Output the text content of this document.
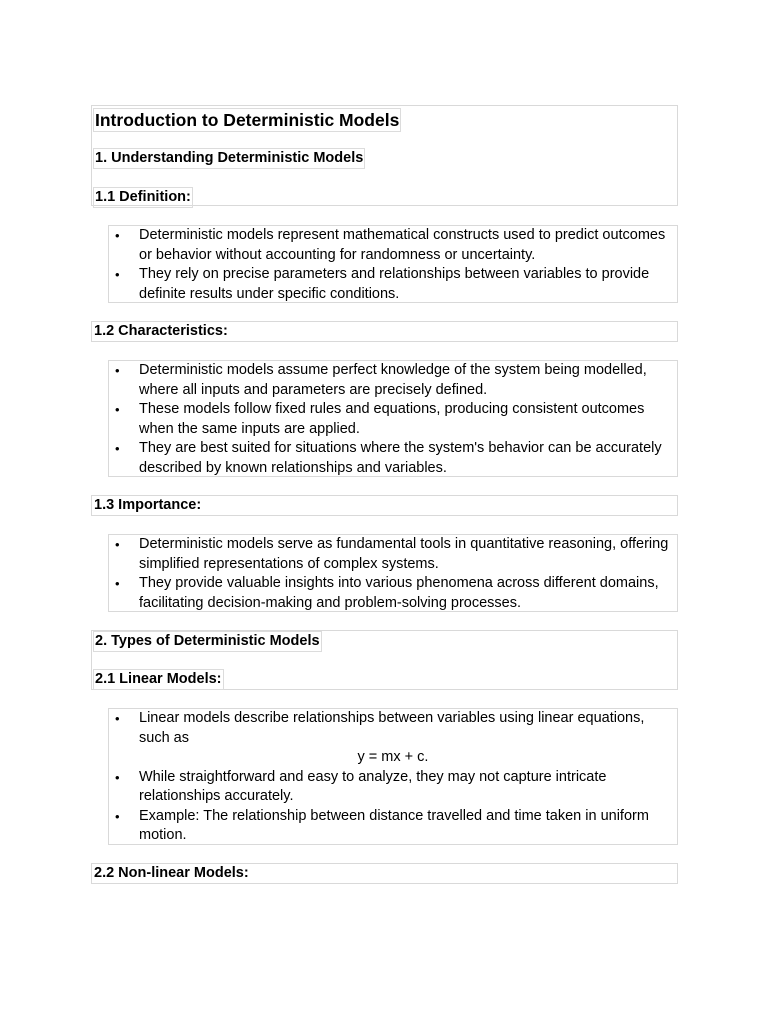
Introduction to Deterministic Models
1. Understanding Deterministic Models
1.1 Definition:
• Deterministic models represent mathematical constructs used to predict outcomes or behavior without accounting for randomness or uncertainty.
• They rely on precise parameters and relationships between variables to provide definite results under specific conditions.
1.2 Characteristics:
• Deterministic models assume perfect knowledge of the system being modelled, where all inputs and parameters are precisely defined.
• These models follow fixed rules and equations, producing consistent outcomes when the same inputs are applied.
• They are best suited for situations where the system's behavior can be accurately described by known relationships and variables.
1.3 Importance:
• Deterministic models serve as fundamental tools in quantitative reasoning, offering simplified representations of complex systems.
• They provide valuable insights into various phenomena across different domains, facilitating decision-making and problem-solving processes.
2. Types of Deterministic Models
2.1 Linear Models:
• Linear models describe relationships between variables using linear equations, such as
y = mx + c.
• While straightforward and easy to analyze, they may not capture intricate relationships accurately.
• Example: The relationship between distance travelled and time taken in uniform motion.
2.2 Non-linear Models:
